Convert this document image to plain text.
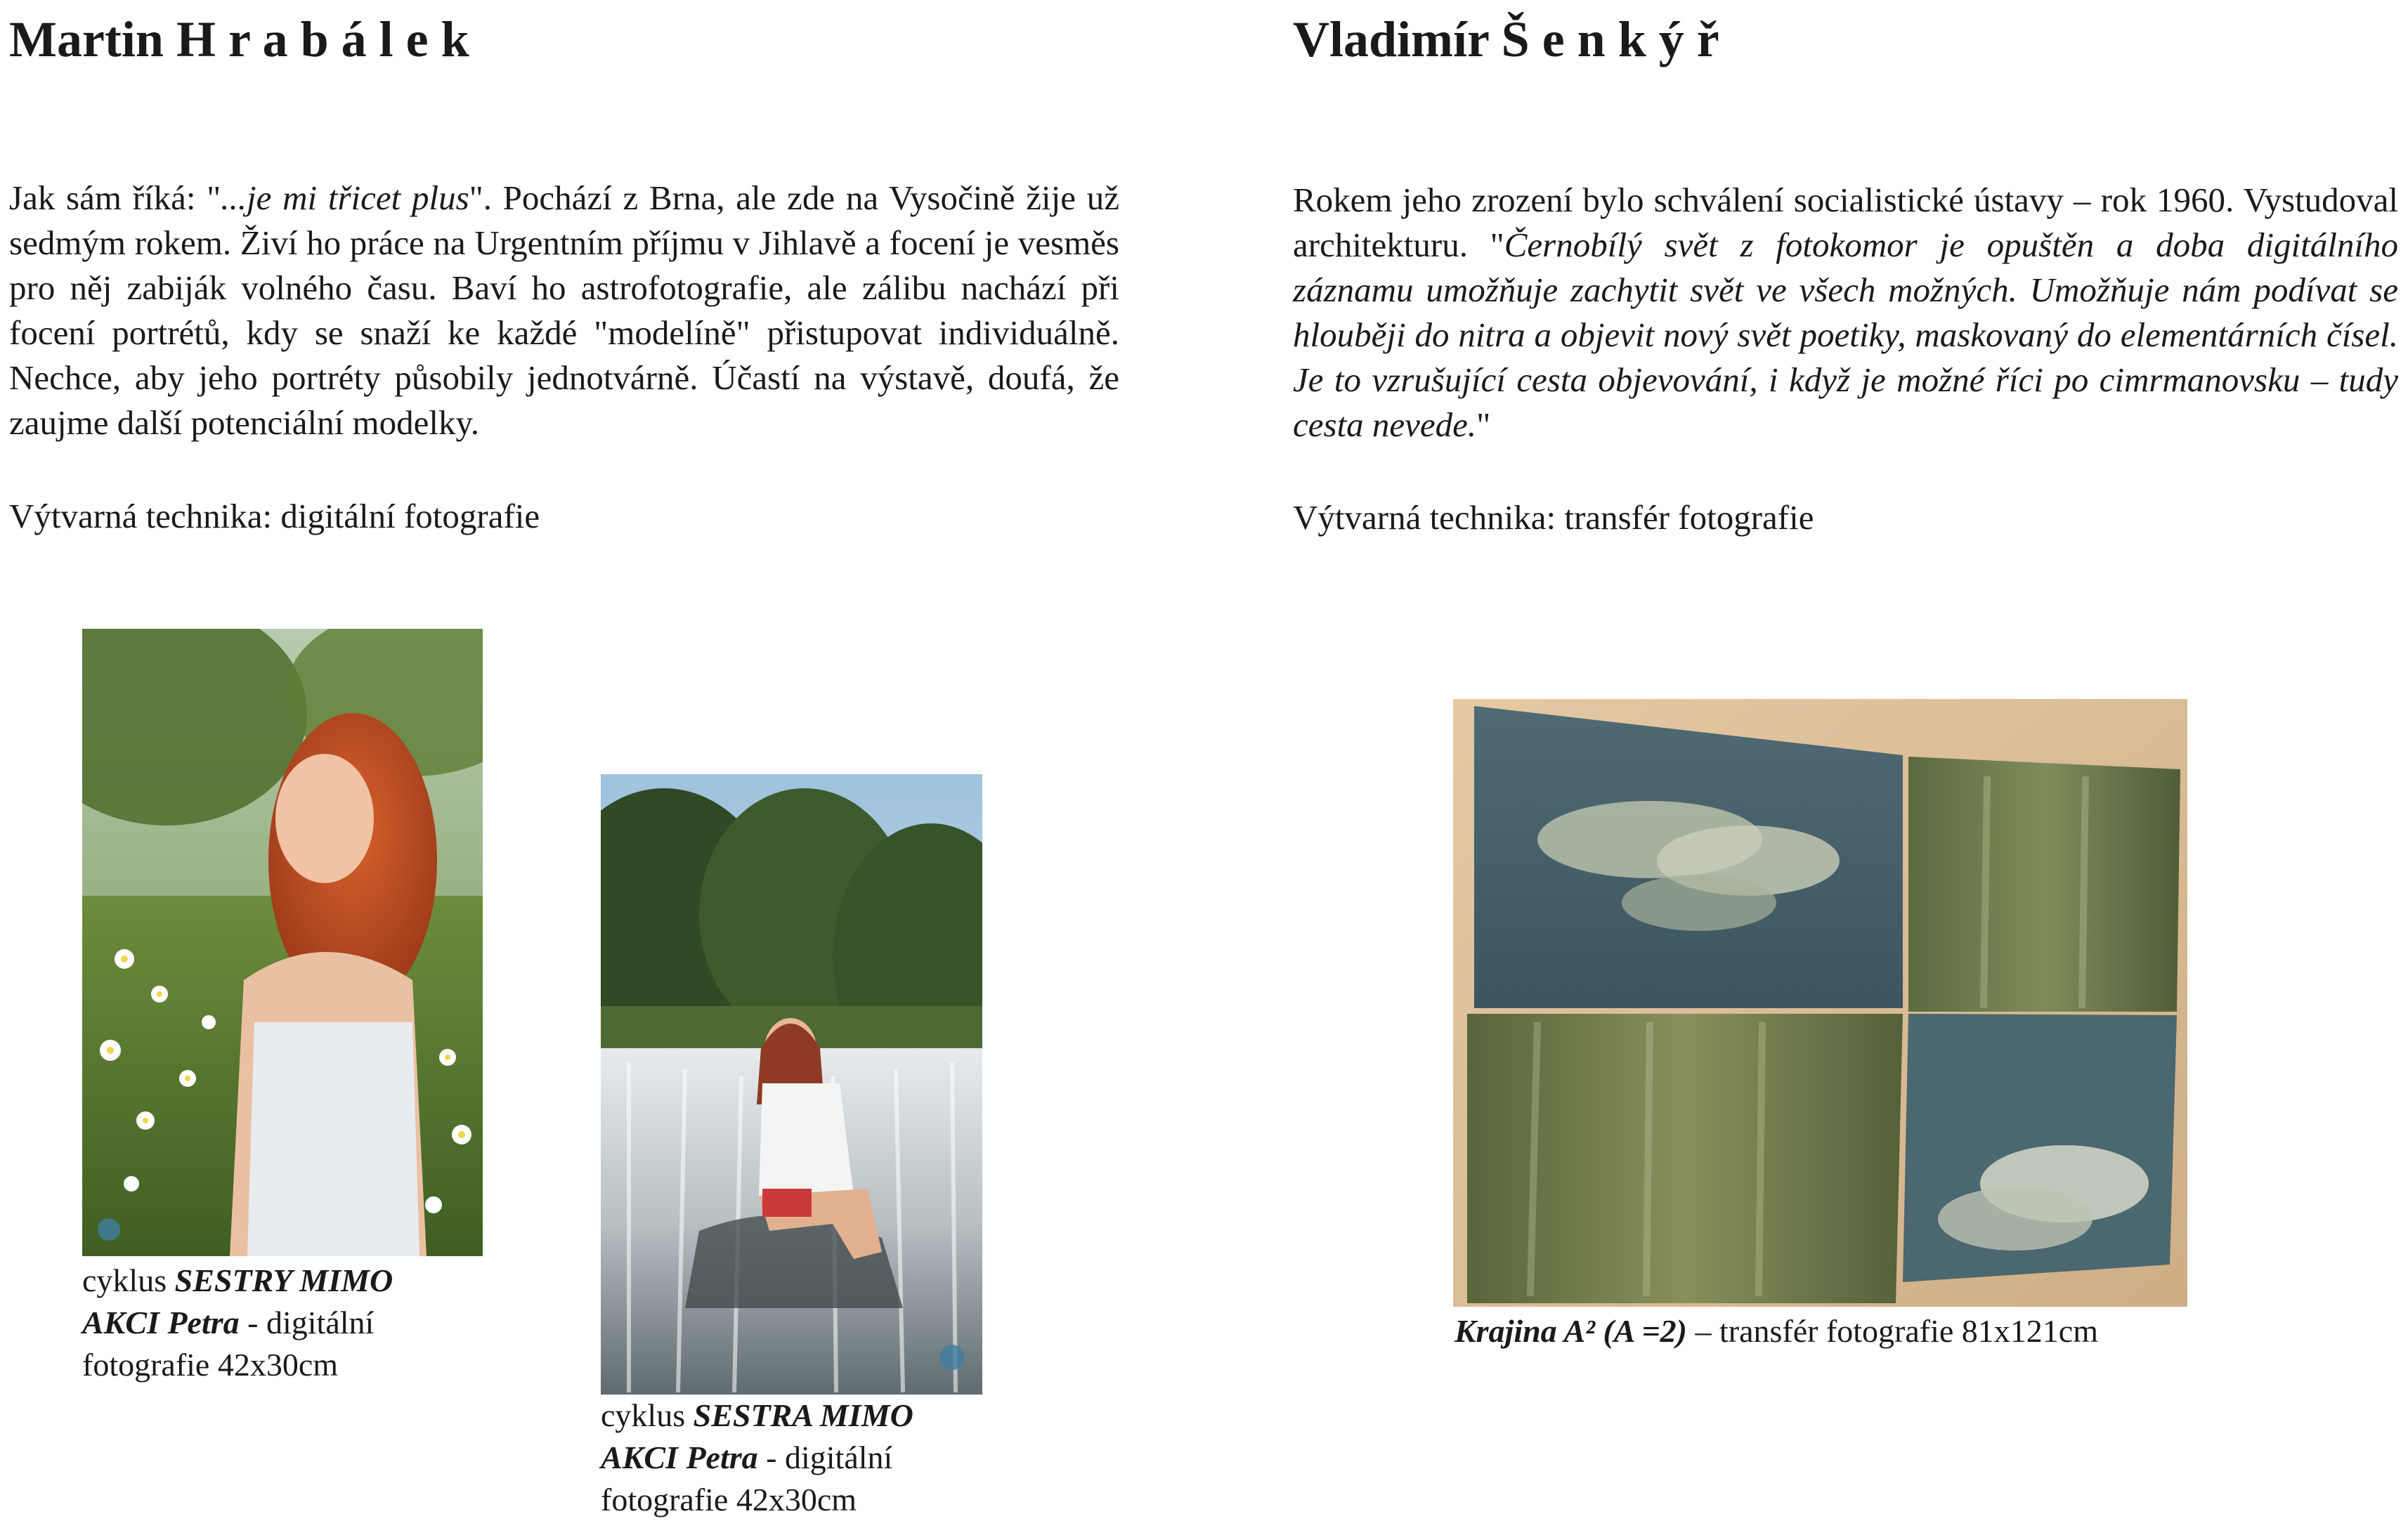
Martin H r a b á l e k

Jak sám říká: "...je mi třicet plus". Pochází z Brna, ale zde na Vysočině žije už sedmým rokem. Živí ho práce na Urgentním příjmu v Jihlavě a focení je vesměs pro něj zabiják volného času. Baví ho astrofotografie, ale zálibu nachází při focení portrétů, kdy se snaží ke každé "modelíně" přistupovat individuálně. Nechce, aby jeho portréty působily jednotvárně. Účastí na výstavě, doufá, že zaujme další potenciální modelky.

Výtvarná technika: digitální fotografie

cyklus SESTRY MIMO AKCI Petra - digitální fotografie 42x30cm

cyklus SESTRA MIMO AKCI Petra - digitální fotografie 42x30cm

Vladimír Š e n k ý ř

Rokem jeho zrození bylo schválení socialistické ústavy – rok 1960. Vystudoval architekturu. "Černobílý svět z fotokomor je opuštěn a doba digitálního záznamu umožňuje zachytit svět ve všech možných. Umožňuje nám podívat se hlouběji do nitra a objevit nový svět poetiky, maskovaný do elementárních čísel. Je to vzrušující cesta objevování, i když je možné říci po cimrmanovsku – tudy cesta nevede."

Výtvarná technika: transfér fotografie

Krajina A² (A =2) – transfér fotografie 81x121cm
